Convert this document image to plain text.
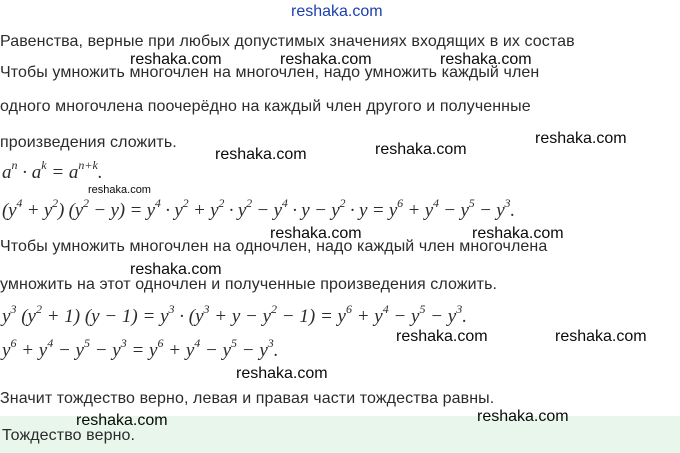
reshaka.com
Равенства, верные при любых допустимых значениях входящих в их состав
Чтобы умножить многочлен на многочлен, надо умножить каждый член
одного многочлена поочерёдно на каждый член другого и полученные
произведения сложить.
$a^n \cdot a^k = a^{n+k}$.
$(y^4 + y^2) (y^2 - y) = y^4 \cdot y^2 + y^2 \cdot y^2 - y^4 \cdot y - y^2 \cdot y = y^6 + y^4 - y^5 - y^3$.
Чтобы умножить многочлен на одночлен, надо каждый член многочлена
умножить на этот одночлен и полученные произведения сложить.
$y^3$ $(y^2 + 1) (y - 1) = y^3 \cdot (y^3 + y - y^2 - 1) = y^6 + y^4 - y^5 - y^3$.
$y^6 + y^4 - y^5 - y^3 = y^6 + y^4 - y^5 - y^3$.
Значит тождество верно, левая и правая части тождества равны.
Тождество верно.
reshaka.com	reshaka.com	reshaka.com
reshaka.com
reshaka.com
reshaka.com
reshaka.com
reshaka.com	reshaka.com
reshaka.com
reshaka.com	reshaka.com
reshaka.com
reshaka.com	reshaka.com
